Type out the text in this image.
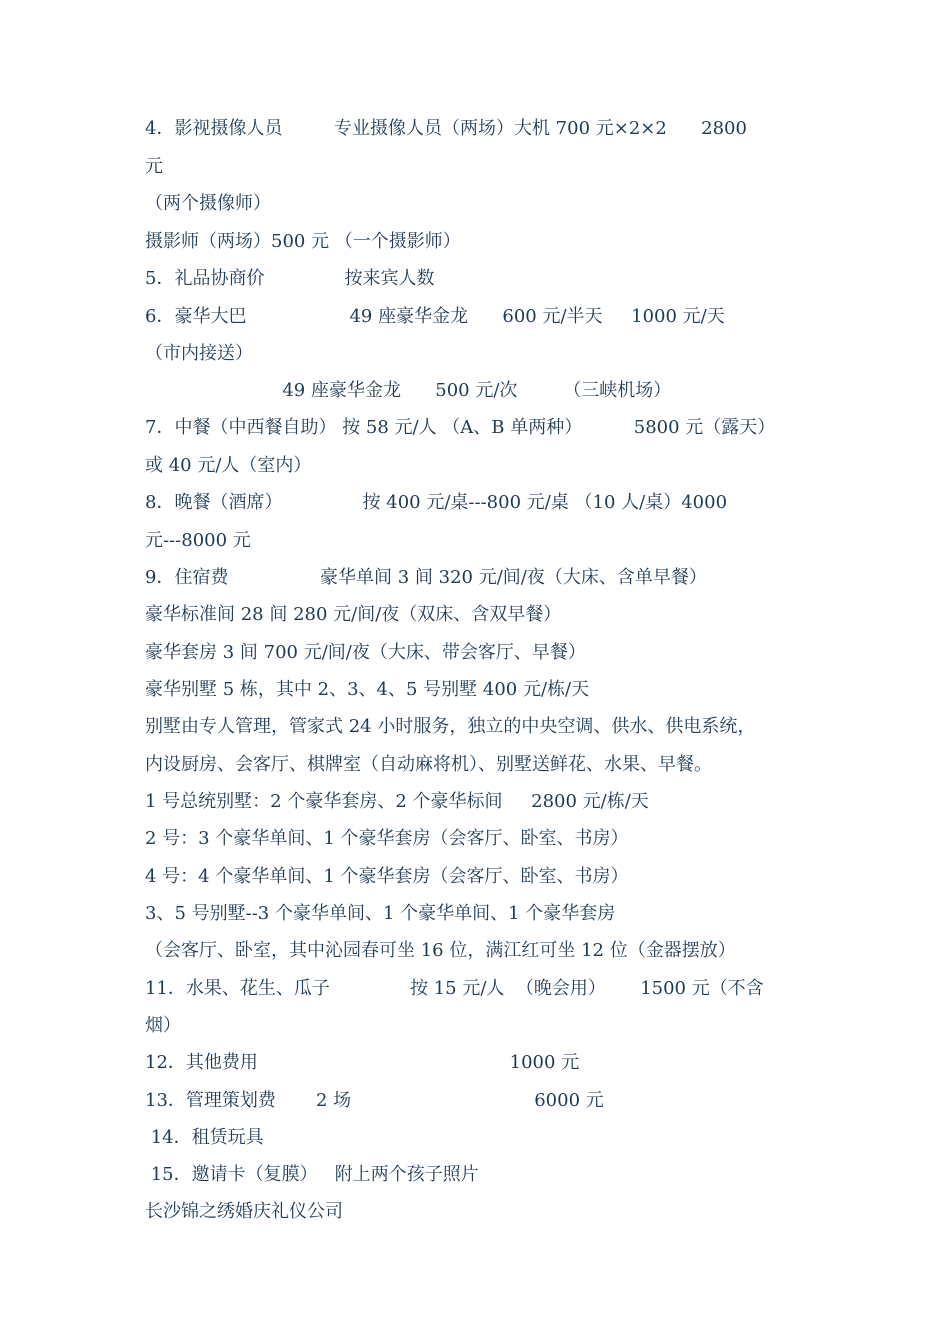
4．影视摄像人员         专业摄像人员（两场）大机 700 元×2×2      2800
元
（两个摄像师）
摄影师（两场）500 元 （一个摄影师）
5．礼品协商价              按来宾人数
6．豪华大巴                  49 座豪华金龙      600 元/半天     1000 元/天
（市内接送）
49 座豪华金龙      500 元/次        （三峡机场）
7．中餐（中西餐自助） 按 58 元/人 （A、B 单两种）         5800 元（露天）
或 40 元/人（室内）
8．晚餐（酒席）              按 400 元/桌---800 元/桌 （10 人/桌）4000
元---8000 元
9．住宿费                豪华单间 3 间 320 元/间/夜（大床、含单早餐）
豪华标准间 28 间 280 元/间/夜（双床、含双早餐）
豪华套房 3 间 700 元/间/夜（大床、带会客厅、早餐）
豪华别墅 5 栋，其中 2、3、4、5 号别墅 400 元/栋/天
别墅由专人管理，管家式 24 小时服务，独立的中央空调、供水、供电系统，
内设厨房、会客厅、棋牌室（自动麻将机）、别墅送鲜花、水果、早餐。
1 号总统别墅：2 个豪华套房、2 个豪华标间     2800 元/栋/天
2 号：3 个豪华单间、1 个豪华套房（会客厅、卧室、书房）
4 号：4 个豪华单间、1 个豪华套房（会客厅、卧室、书房）
3、5 号别墅--3 个豪华单间、1 个豪华单间、1 个豪华套房
（会客厅、卧室，其中沁园春可坐 16 位，满江红可坐 12 位（金器摆放）
11．水果、花生、瓜子              按 15 元/人  （晚会用）      1500 元（不含
烟）
12．其他费用                                            1000 元
13．管理策划费       2 场                                6000 元
14．租赁玩具
15．邀请卡（复膜）   附上两个孩子照片
长沙锦之绣婚庆礼仪公司
